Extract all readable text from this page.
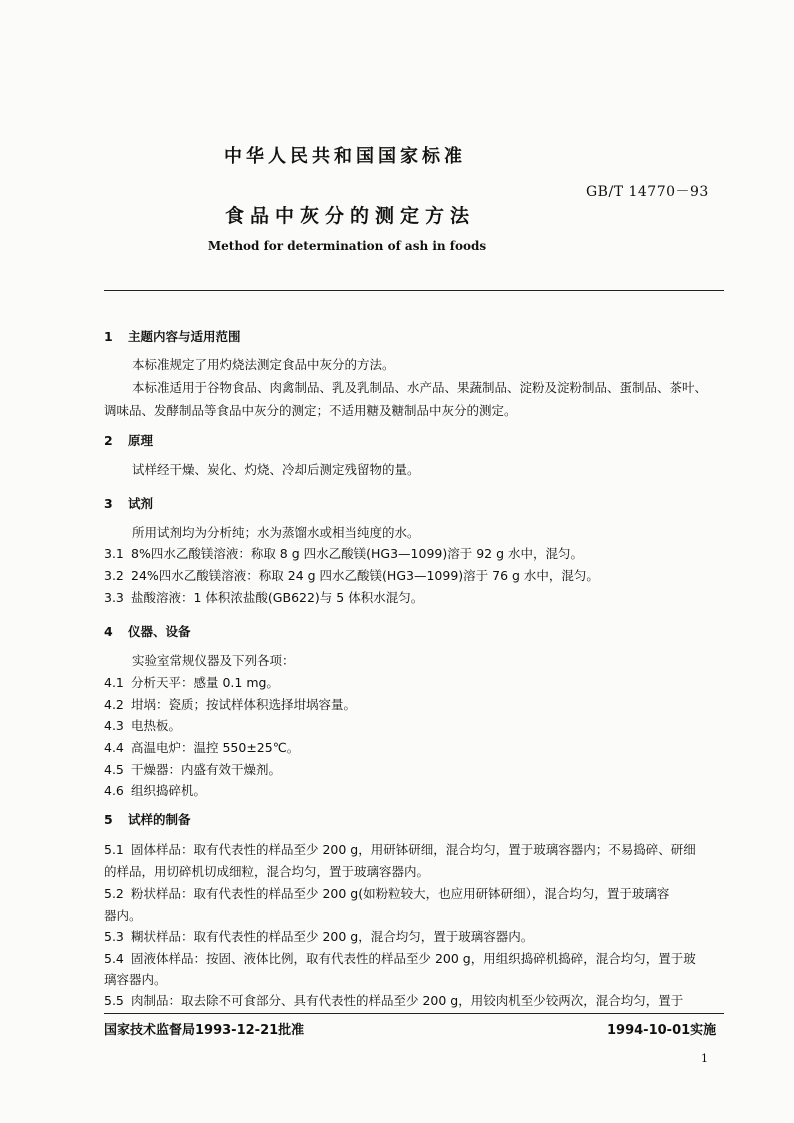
中华人民共和国国家标准
GB/T 14770－93
食品中灰分的测定方法
Method for determination of ash in foods
1 主题内容与适用范围
本标准规定了用灼烧法测定食品中灰分的方法。
本标准适用于谷物食品、肉禽制品、乳及乳制品、水产品、果蔬制品、淀粉及淀粉制品、蛋制品、茶叶、
调味品、发酵制品等食品中灰分的测定；不适用糖及糖制品中灰分的测定。
2 原理
试样经干燥、炭化、灼烧、冷却后测定残留物的量。
3 试剂
所用试剂均为分析纯；水为蒸馏水或相当纯度的水。
3.1 8%四水乙酸镁溶液：称取 8 g 四水乙酸镁(HG3—1099)溶于 92 g 水中，混匀。
3.2 24%四水乙酸镁溶液：称取 24 g 四水乙酸镁(HG3—1099)溶于 76 g 水中，混匀。
3.3 盐酸溶液：1 体积浓盐酸(GB622)与 5 体积水混匀。
4 仪器、设备
实验室常规仪器及下列各项：
4.1 分析天平：感量 0.1 mg。
4.2 坩埚：瓷质；按试样体积选择坩埚容量。
4.3 电热板。
4.4 高温电炉：温控 550±25℃。
4.5 干燥器：内盛有效干燥剂。
4.6 组织捣碎机。
5 试样的制备
5.1 固体样品：取有代表性的样品至少 200 g，用研钵研细，混合均匀，置于玻璃容器内；不易捣碎、研细
的样品，用切碎机切成细粒，混合均匀，置于玻璃容器内。
5.2 粉状样品：取有代表性的样品至少 200 g(如粉粒较大，也应用研钵研细），混合均匀，置于玻璃容
器内。
5.3 糊状样品：取有代表性的样品至少 200 g，混合均匀，置于玻璃容器内。
5.4 固液体样品：按固、液体比例，取有代表性的样品至少 200 g，用组织捣碎机捣碎，混合均匀，置于玻
璃容器内。
5.5 肉制品：取去除不可食部分、具有代表性的样品至少 200 g，用铰肉机至少铰两次，混合均匀，置于
国家技术监督局1993-12-21批准	1994-10-01实施
1
